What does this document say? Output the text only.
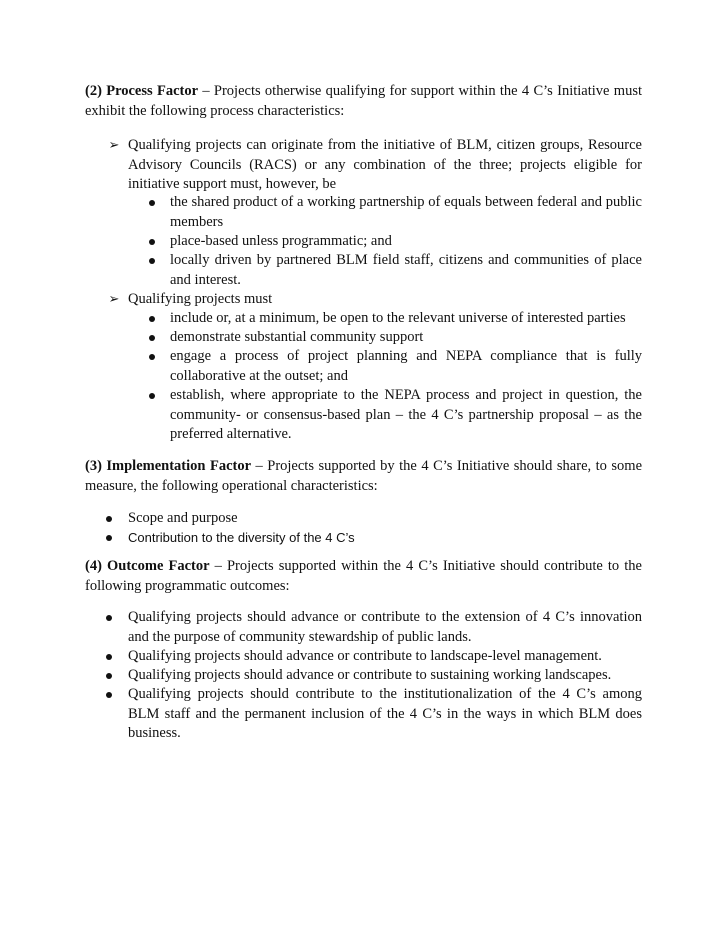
(2) Process Factor – Projects otherwise qualifying for support within the 4 C’s Initiative must exhibit the following process characteristics:
➢ Qualifying projects can originate from the initiative of BLM, citizen groups, Resource Advisory Councils (RACS) or any combination of the three; projects eligible for initiative support must, however, be
the shared product of a working partnership of equals between federal and public members
place-based unless programmatic; and
locally driven by partnered BLM field staff, citizens and communities of place and interest.
➢ Qualifying projects must
include or, at a minimum, be open to the relevant universe of interested parties
demonstrate substantial community support
engage a process of project planning and NEPA compliance that is fully collaborative at the outset; and
establish, where appropriate to the NEPA process and project in question, the community- or consensus-based plan – the 4 C’s partnership proposal – as the preferred alternative.
(3) Implementation Factor – Projects supported by the 4 C’s Initiative should share, to some measure, the following operational characteristics:
Scope and purpose
Contribution to the diversity of the 4 C’s
(4) Outcome Factor – Projects supported within the 4 C’s Initiative should contribute to the following programmatic outcomes:
Qualifying projects should advance or contribute to the extension of 4 C’s innovation and the purpose of community stewardship of public lands.
Qualifying projects should advance or contribute to landscape-level management.
Qualifying projects should advance or contribute to sustaining working landscapes.
Qualifying projects should contribute to the institutionalization of the 4 C’s among BLM staff and the permanent inclusion of the 4 C’s in the ways in which BLM does business.
